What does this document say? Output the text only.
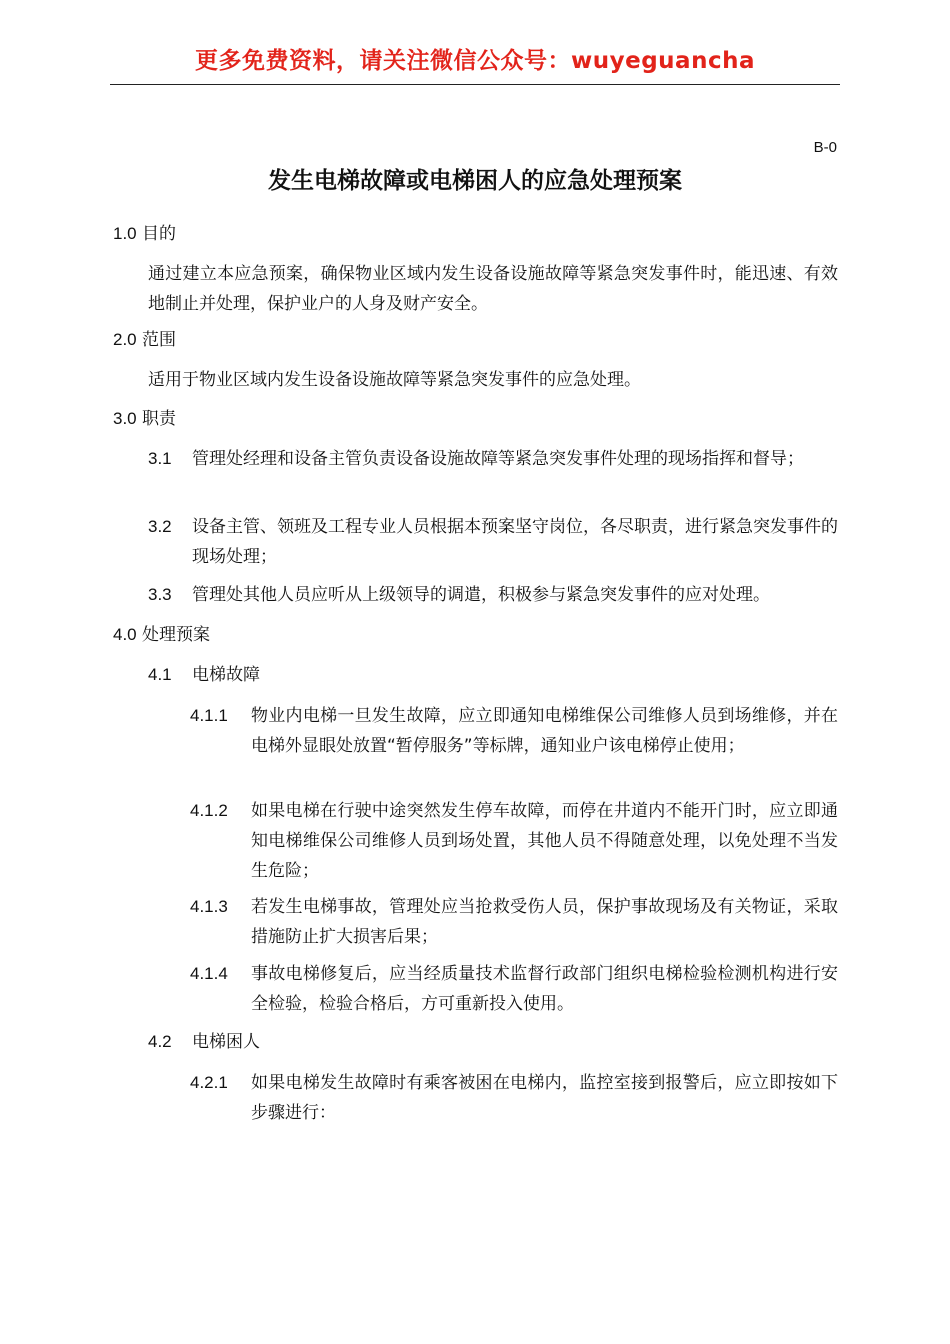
更多免费资料，请关注微信公众号：wuyeguancha
B-0
发生电梯故障或电梯困人的应急处理预案
1.0 目的
通过建立本应急预案，确保物业区域内发生设备设施故障等紧急突发事件时，能迅速、有效地制止并处理，保护业户的人身及财产安全。
2.0 范围
适用于物业区域内发生设备设施故障等紧急突发事件的应急处理。
3.0 职责
3.1 管理处经理和设备主管负责设备设施故障等紧急突发事件处理的现场指挥和督导；
3.2 设备主管、领班及工程专业人员根据本预案坚守岗位，各尽职责，进行紧急突发事件的现场处理；
3.3 管理处其他人员应听从上级领导的调遣，积极参与紧急突发事件的应对处理。
4.0 处理预案
4.1 电梯故障
4.1.1 物业内电梯一旦发生故障，应立即通知电梯维保公司维修人员到场维修，并在电梯外显眼处放置“暂停服务”等标牌，通知业户该电梯停止使用；
4.1.2 如果电梯在行驶中途突然发生停车故障，而停在井道内不能开门时，应立即通知电梯维保公司维修人员到场处置，其他人员不得随意处理，以免处理不当发生危险；
4.1.3 若发生电梯事故，管理处应当抢救受伤人员，保护事故现场及有关物证，采取措施防止扩大损害后果；
4.1.4 事故电梯修复后，应当经质量技术监督行政部门组织电梯检验检测机构进行安全检验，检验合格后，方可重新投入使用。
4.2 电梯困人
4.2.1 如果电梯发生故障时有乘客被困在电梯内，监控室接到报警后，应立即按如下步骤进行：
